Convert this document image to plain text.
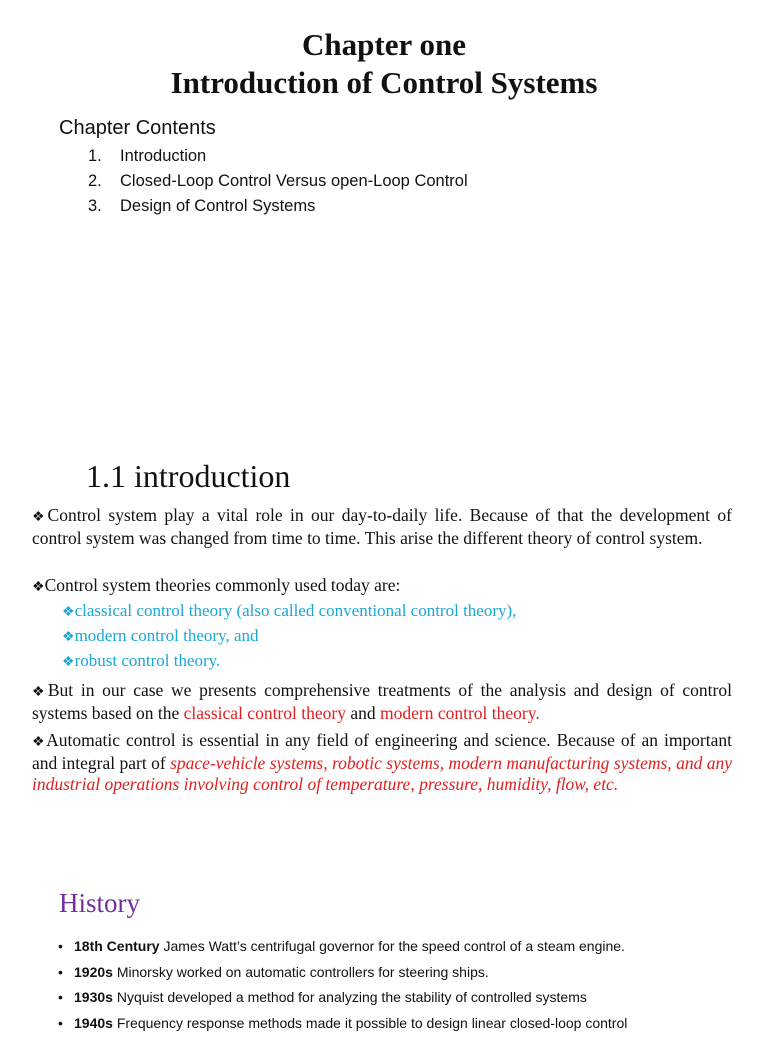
Chapter one
Introduction of Control Systems
Chapter Contents
1. Introduction
2. Closed-Loop Control Versus open-Loop Control
3. Design of Control Systems
1.1 introduction
❖Control system play a vital role in our day-to-daily life. Because of that the development of control system was changed from time to time. This arise the different theory of control system.
❖Control system theories commonly used today are:
❖classical control theory (also called conventional control theory),
❖modern control theory, and
❖robust control theory.
❖But in our case we presents comprehensive treatments of the analysis and design of control systems based on the classical control theory and modern control theory.
❖Automatic control is essential in any field of engineering and science. Because of an important and integral part of space-vehicle systems, robotic systems, modern manufacturing systems, and any industrial operations involving control of temperature, pressure, humidity, flow, etc.
History
• 18th Century James Watt’s centrifugal governor for the speed control of a steam engine.
• 1920s Minorsky worked on automatic controllers for steering ships.
• 1930s Nyquist developed a method for analyzing the stability of controlled systems
• 1940s Frequency response methods made it possible to design linear closed-loop control
